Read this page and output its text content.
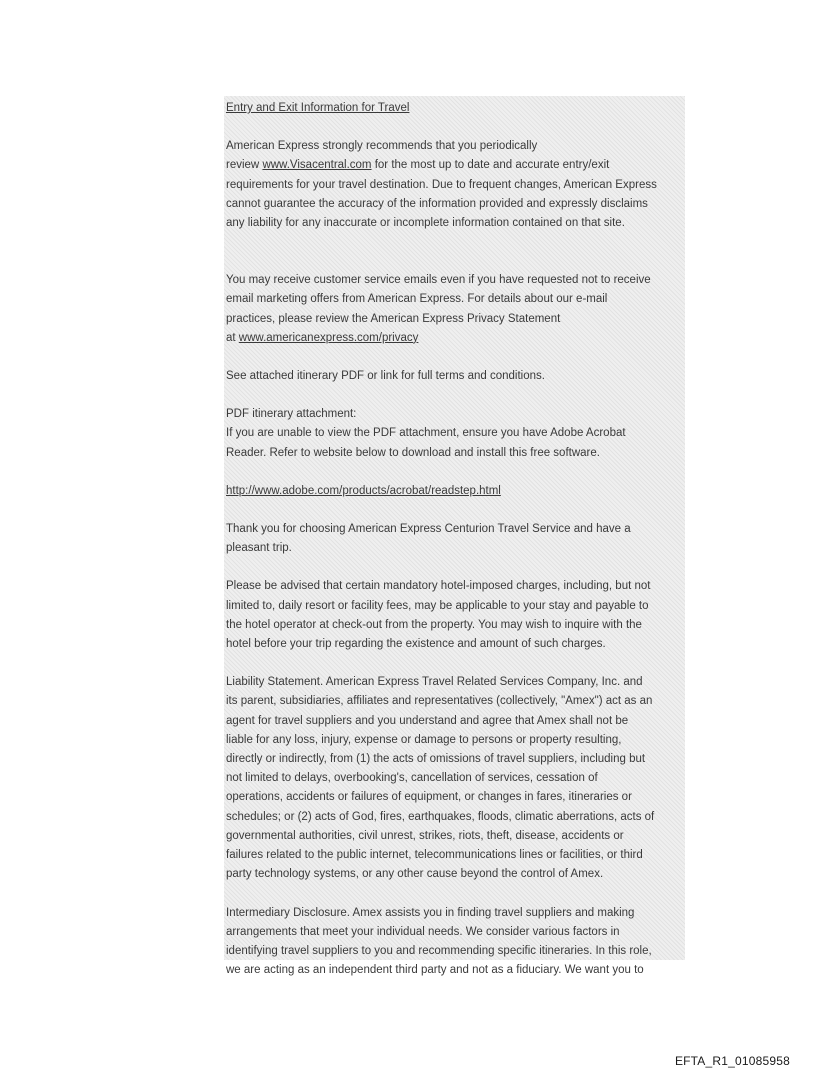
Entry and Exit Information for Travel
American Express strongly recommends that you periodically
review www.Visacentral.com for the most up to date and accurate entry/exit
requirements for your travel destination. Due to frequent changes, American Express
cannot guarantee the accuracy of the information provided and expressly disclaims
any liability for any inaccurate or incomplete information contained on that site.
You may receive customer service emails even if you have requested not to receive
email marketing offers from American Express. For details about our e-mail
practices, please review the American Express Privacy Statement
at www.americanexpress.com/privacy
See attached itinerary PDF or link for full terms and conditions.
PDF itinerary attachment:
If you are unable to view the PDF attachment, ensure you have Adobe Acrobat
Reader. Refer to website below to download and install this free software.
http://www.adobe.com/products/acrobat/readstep.html
Thank you for choosing American Express Centurion Travel Service and have a
pleasant trip.
Please be advised that certain mandatory hotel-imposed charges, including, but not
limited to, daily resort or facility fees, may be applicable to your stay and payable to
the hotel operator at check-out from the property. You may wish to inquire with the
hotel before your trip regarding the existence and amount of such charges.
Liability Statement. American Express Travel Related Services Company, Inc. and
its parent, subsidiaries, affiliates and representatives (collectively, "Amex") act as an
agent for travel suppliers and you understand and agree that Amex shall not be
liable for any loss, injury, expense or damage to persons or property resulting,
directly or indirectly, from (1) the acts of omissions of travel suppliers, including but
not limited to delays, overbooking's, cancellation of services, cessation of
operations, accidents or failures of equipment, or changes in fares, itineraries or
schedules; or (2) acts of God, fires, earthquakes, floods, climatic aberrations, acts of
governmental authorities, civil unrest, strikes, riots, theft, disease, accidents or
failures related to the public internet, telecommunications lines or facilities, or third
party technology systems, or any other cause beyond the control of Amex.
Intermediary Disclosure. Amex assists you in finding travel suppliers and making
arrangements that meet your individual needs. We consider various factors in
identifying travel suppliers to you and recommending specific itineraries. In this role,
we are acting as an independent third party and not as a fiduciary. We want you to
EFTA_R1_01085958
